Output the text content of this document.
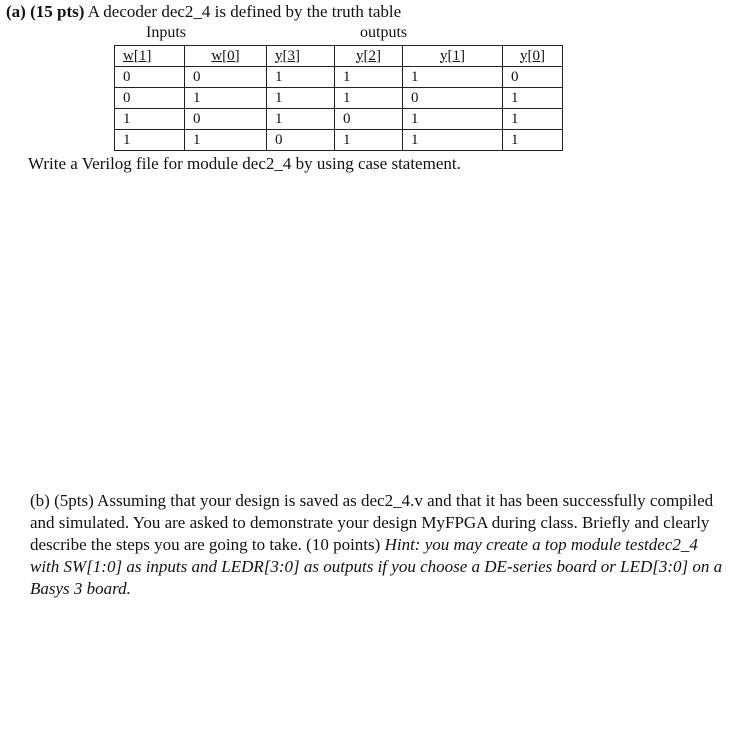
(a) (15 pts) A decoder dec2_4 is defined by the truth table
Inputs	outputs
w[1]	w[0]	y[3]	y[2]	y[1]	y[0]
0	0	1	1	1	0
0	1	1	1	0	1
1	0	1	0	1	1
1	1	0	1	1	1
Write a Verilog file for module dec2_4 by using case statement.
(b) (5pts) Assuming that your design is saved as dec2_4.v and that it has been successfully compiled and simulated. You are asked to demonstrate your design MyFPGA during class. Briefly and clearly describe the steps you are going to take. (10 points) Hint: you may create a top module testdec2_4 with SW[1:0] as inputs and LEDR[3:0] as outputs if you choose a DE-series board or LED[3:0] on a Basys 3 board.
